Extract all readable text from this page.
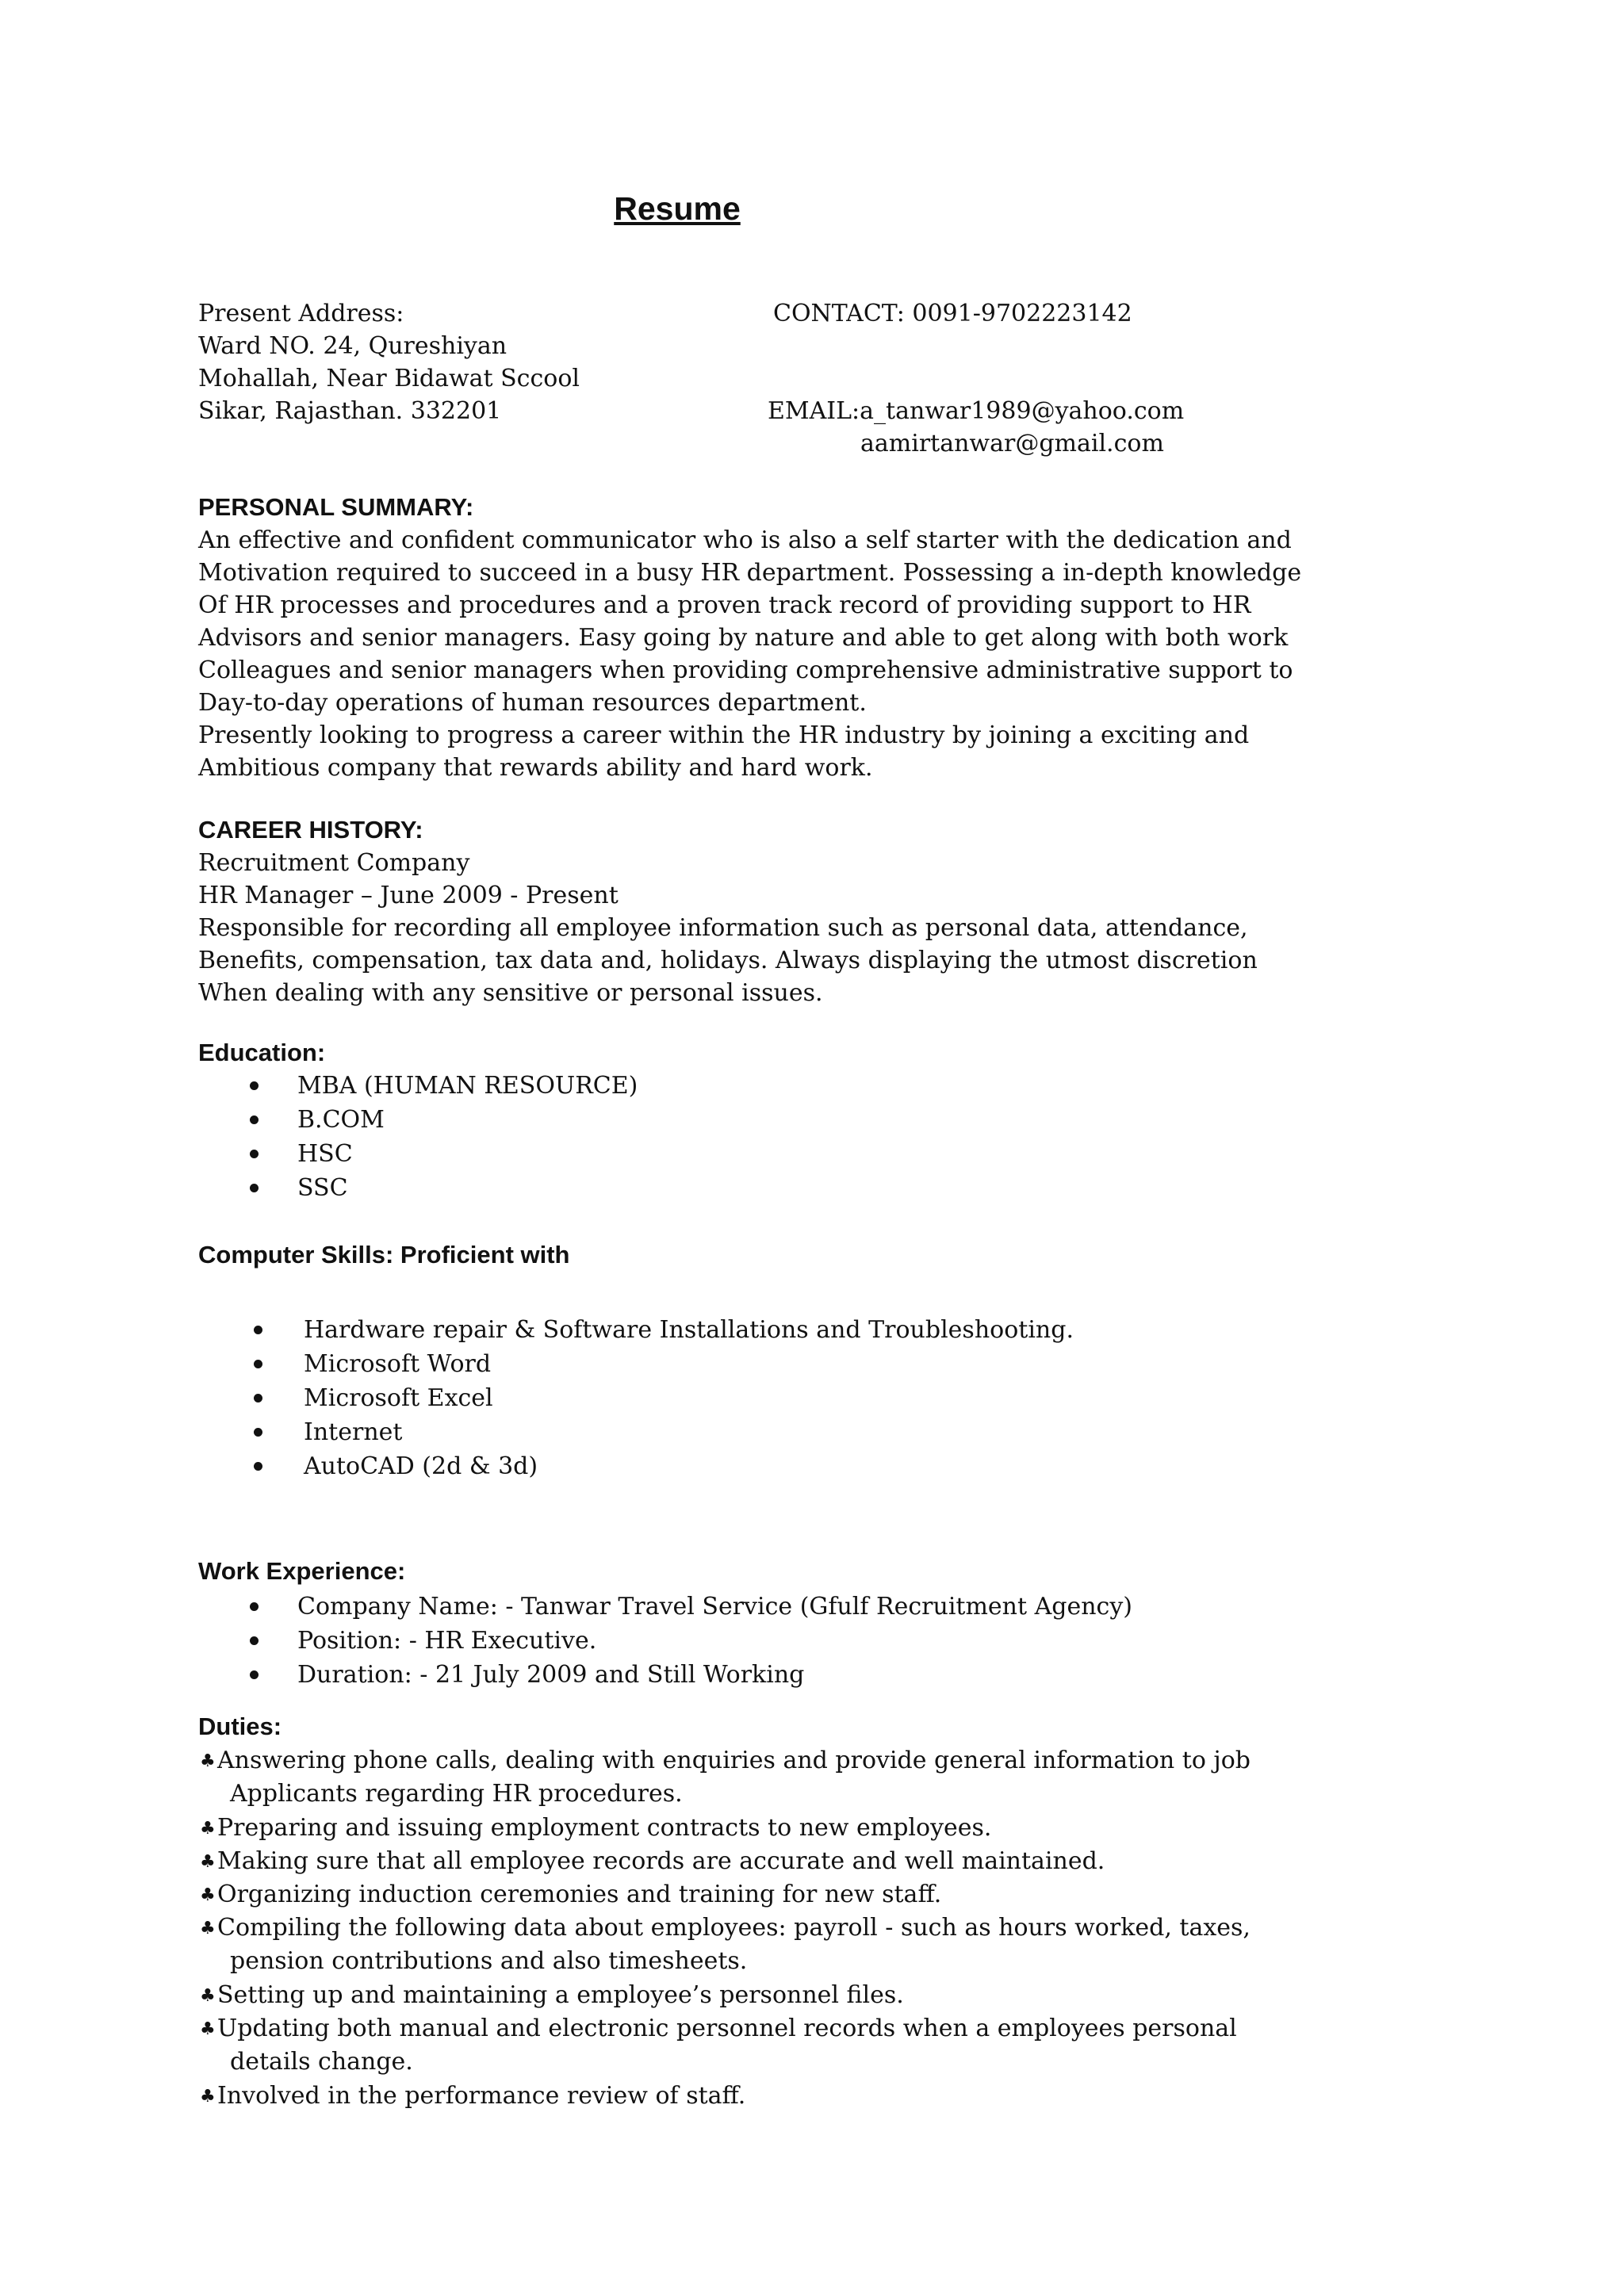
Resume
Present Address:
Ward NO. 24, Qureshiyan
Mohallah, Near Bidawat Sccool
Sikar, Rajasthan. 332201
CONTACT: 0091-9702223142
EMAIL:a_tanwar1989@yahoo.com
aamirtanwar@gmail.com
PERSONAL SUMMARY:
An effective and confident communicator who is also a self starter with the dedication and
Motivation required to succeed in a busy HR department. Possessing a in-depth knowledge
Of HR processes and procedures and a proven track record of providing support to HR
Advisors and senior managers. Easy going by nature and able to get along with both work
Colleagues and senior managers when providing comprehensive administrative support to
Day-to-day operations of human resources department.
Presently looking to progress a career within the HR industry by joining a exciting and
Ambitious company that rewards ability and hard work.
CAREER HISTORY:
Recruitment Company
HR Manager – June 2009 - Present
Responsible for recording all employee information such as personal data, attendance,
Benefits, compensation, tax data and, holidays. Always displaying the utmost discretion
When dealing with any sensitive or personal issues.
Education:
MBA (HUMAN RESOURCE)
B.COM
HSC
SSC
Computer Skills: Proficient with
Hardware repair & Software Installations and Troubleshooting.
Microsoft Word
Microsoft Excel
Internet
AutoCAD (2d & 3d)
Work Experience:
Company Name: - Tanwar Travel Service (Gfulf Recruitment Agency)
Position: - HR Executive.
Duration: - 21 July 2009 and Still Working
Duties:
♣Answering phone calls, dealing with enquiries and provide general information to job
Applicants regarding HR procedures.
♣Preparing and issuing employment contracts to new employees.
♣Making sure that all employee records are accurate and well maintained.
♣Organizing induction ceremonies and training for new staff.
♣Compiling the following data about employees: payroll - such as hours worked, taxes,
pension contributions and also timesheets.
♣Setting up and maintaining a employee’s personnel files.
♣Updating both manual and electronic personnel records when a employees personal
details change.
♣Involved in the performance review of staff.
